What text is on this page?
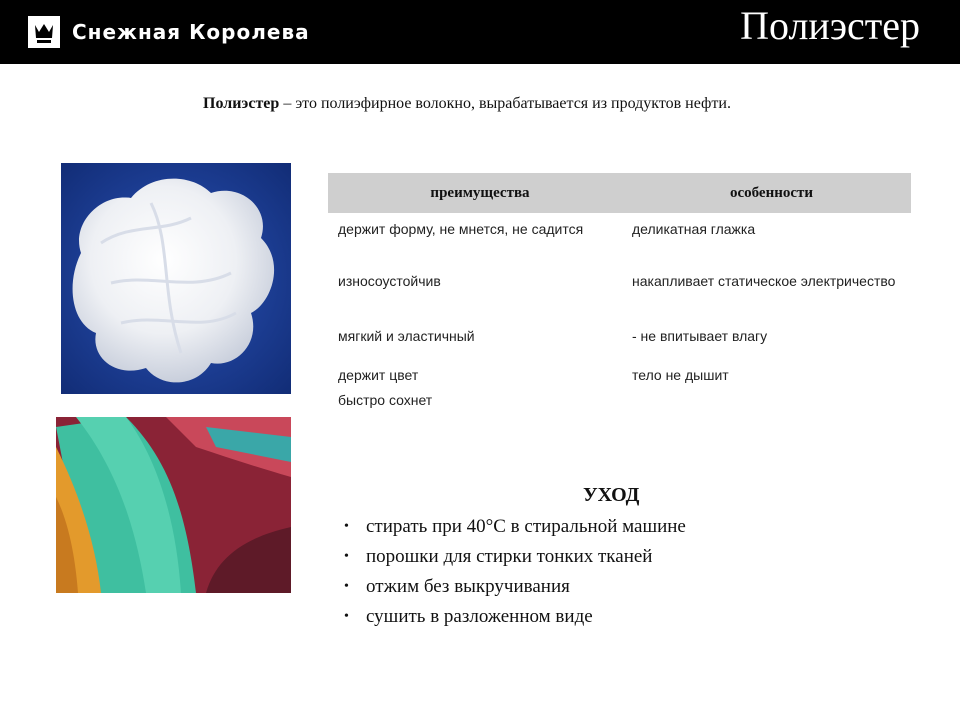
Снежная Королева	Полиэстер
Полиэстер – это полиэфирное волокно, вырабатывается из продуктов нефти.
преимущества	особенности
держит форму, не мнется, не садится	деликатная глажка
износоустойчив	накапливает статическое электричество
мягкий и эластичный	- не впитывает влагу
держит цвет	тело не дышит
быстро сохнет
УХОД
• стирать при 40°С в стиральной машине
• порошки для стирки тонких тканей
• отжим без выкручивания
• сушить в разложенном виде
